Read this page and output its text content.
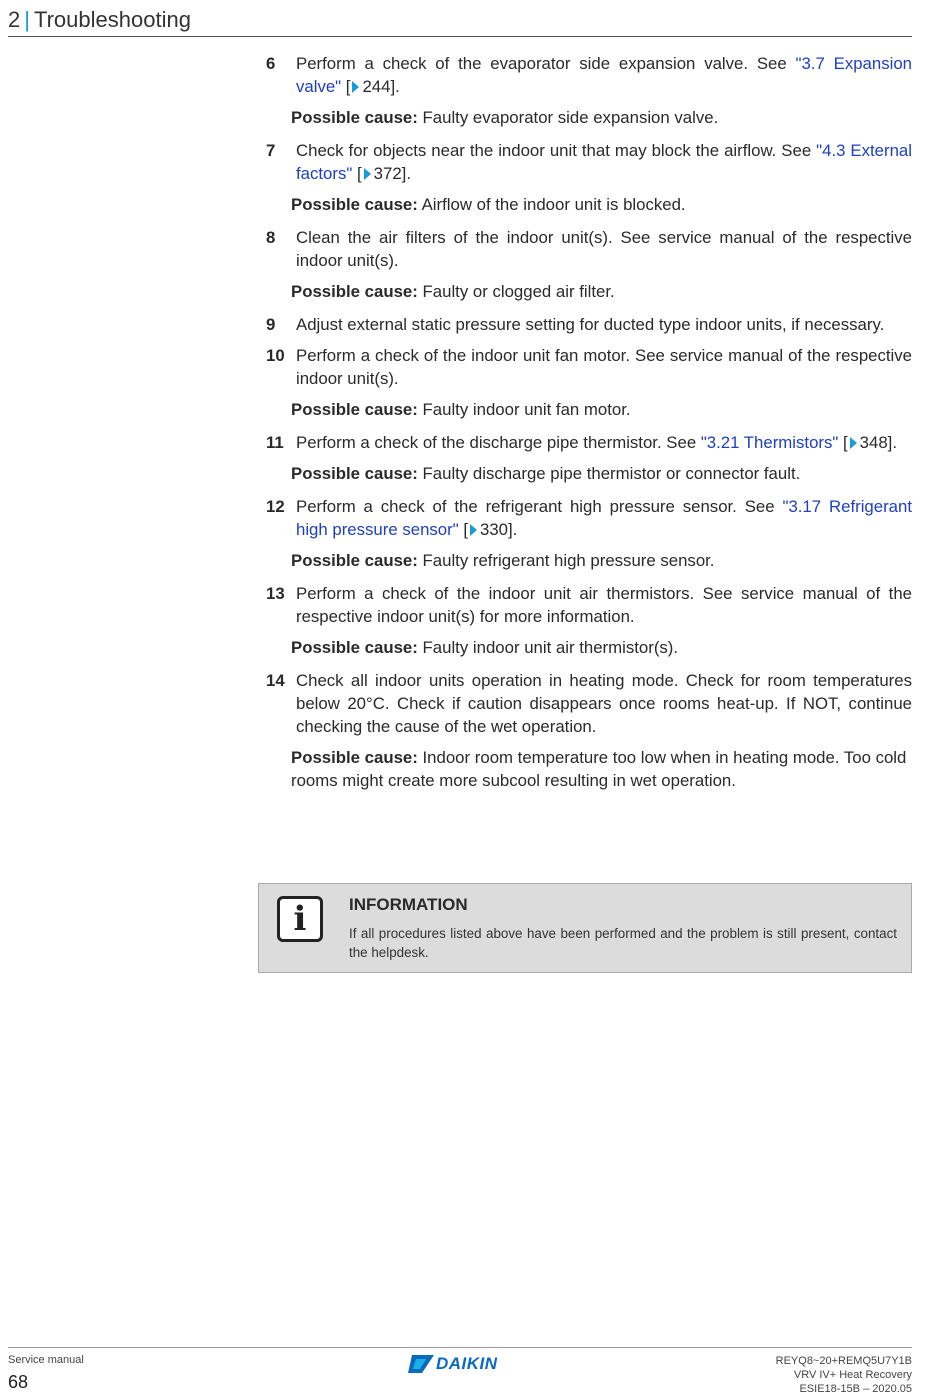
2 | Troubleshooting
6	Perform a check of the evaporator side expansion valve. See "3.7 Expansion valve" [ 244].
Possible cause: Faulty evaporator side expansion valve.
7	Check for objects near the indoor unit that may block the airflow. See "4.3 External factors" [ 372].
Possible cause: Airflow of the indoor unit is blocked.
8	Clean the air filters of the indoor unit(s). See service manual of the respective indoor unit(s).
Possible cause: Faulty or clogged air filter.
9	Adjust external static pressure setting for ducted type indoor units, if necessary.
10 Perform a check of the indoor unit fan motor. See service manual of the respective indoor unit(s).
Possible cause: Faulty indoor unit fan motor.
11 Perform a check of the discharge pipe thermistor. See "3.21 Thermistors" [ 348].
Possible cause: Faulty discharge pipe thermistor or connector fault.
12 Perform a check of the refrigerant high pressure sensor. See "3.17 Refrigerant high pressure sensor" [ 330].
Possible cause: Faulty refrigerant high pressure sensor.
13 Perform a check of the indoor unit air thermistors. See service manual of the respective indoor unit(s) for more information.
Possible cause: Faulty indoor unit air thermistor(s).
14 Check all indoor units operation in heating mode. Check for room temperatures below 20°C. Check if caution disappears once rooms heat-up. If NOT, continue checking the cause of the wet operation.
Possible cause: Indoor room temperature too low when in heating mode. Too cold rooms might create more subcool resulting in wet operation.
i	INFORMATION
If all procedures listed above have been performed and the problem is still present, contact the helpdesk.
Service manual
68
DAIKIN	REYQ8~20+REMQ5U7Y1B
VRV IV+ Heat Recovery
ESIE18-15B – 2020.05
